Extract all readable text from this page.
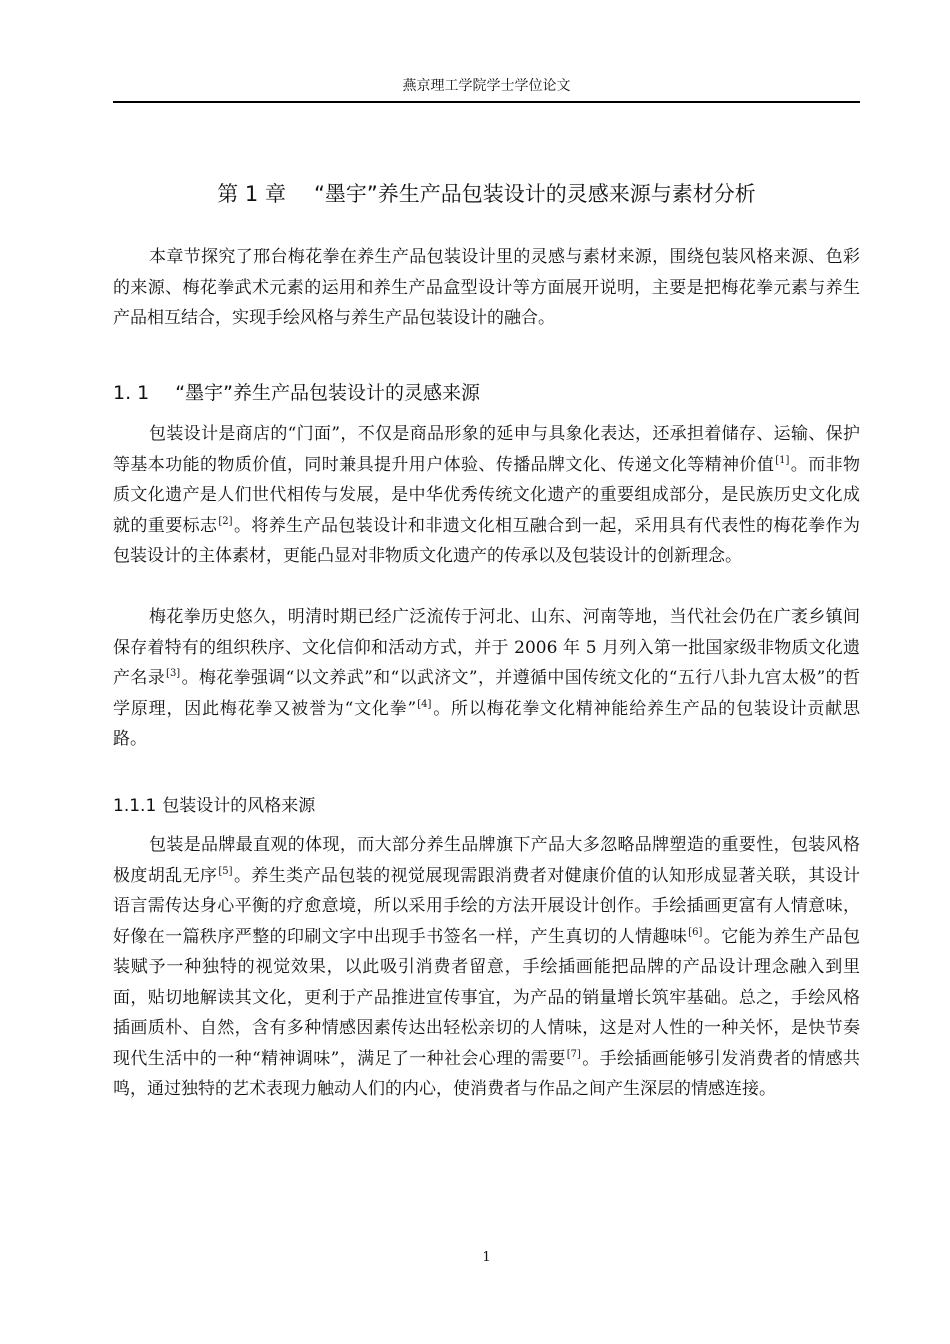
燕京理工学院学士学位论文
第 1 章 “墨宇”养生产品包装设计的灵感来源与素材分析

本章节探究了邢台梅花拳在养生产品包装设计里的灵感与素材来源，围绕包装风格来源、色彩的来源、梅花拳武术元素的运用和养生产品盒型设计等方面展开说明，主要是把梅花拳元素与养生产品相互结合，实现手绘风格与养生产品包装设计的融合。

1. 1 “墨宇”养生产品包装设计的灵感来源

包装设计是商店的“门面”，不仅是商品形象的延申与具象化表达，还承担着储存、运输、保护等基本功能的物质价值，同时兼具提升用户体验、传播品牌文化、传递文化等精神价值[1]。而非物质文化遗产是人们世代相传与发展，是中华优秀传统文化遗产的重要组成部分，是民族历史文化成就的重要标志[2]。将养生产品包装设计和非遗文化相互融合到一起，采用具有代表性的梅花拳作为包装设计的主体素材，更能凸显对非物质文化遗产的传承以及包装设计的创新理念。

梅花拳历史悠久，明清时期已经广泛流传于河北、山东、河南等地，当代社会仍在广袤乡镇间保存着特有的组织秩序、文化信仰和活动方式，并于 2006 年 5 月列入第一批国家级非物质文化遗产名录[3]。梅花拳强调“以文养武”和“以武济文”，并遵循中国传统文化的“五行八卦九宫太极”的哲学原理，因此梅花拳又被誉为“文化拳”[4]。所以梅花拳文化精神能给养生产品的包装设计贡献思路。

1.1.1 包装设计的风格来源

包装是品牌最直观的体现，而大部分养生品牌旗下产品大多忽略品牌塑造的重要性，包装风格极度胡乱无序[5]。养生类产品包装的视觉展现需跟消费者对健康价值的认知形成显著关联，其设计语言需传达身心平衡的疗愈意境，所以采用手绘的方法开展设计创作。手绘插画更富有人情意味，好像在一篇秩序严整的印刷文字中出现手书签名一样，产生真切的人情趣味[6]。它能为养生产品包装赋予一种独特的视觉效果，以此吸引消费者留意，手绘插画能把品牌的产品设计理念融入到里面，贴切地解读其文化，更利于产品推进宣传事宜，为产品的销量增长筑牢基础。总之，手绘风格插画质朴、自然，含有多种情感因素传达出轻松亲切的人情味，这是对人性的一种关怀，是快节奏现代生活中的一种“精神调味”，满足了一种社会心理的需要[7]。手绘插画能够引发消费者的情感共鸣，通过独特的艺术表现力触动人们的内心，使消费者与作品之间产生深层的情感连接。

1
